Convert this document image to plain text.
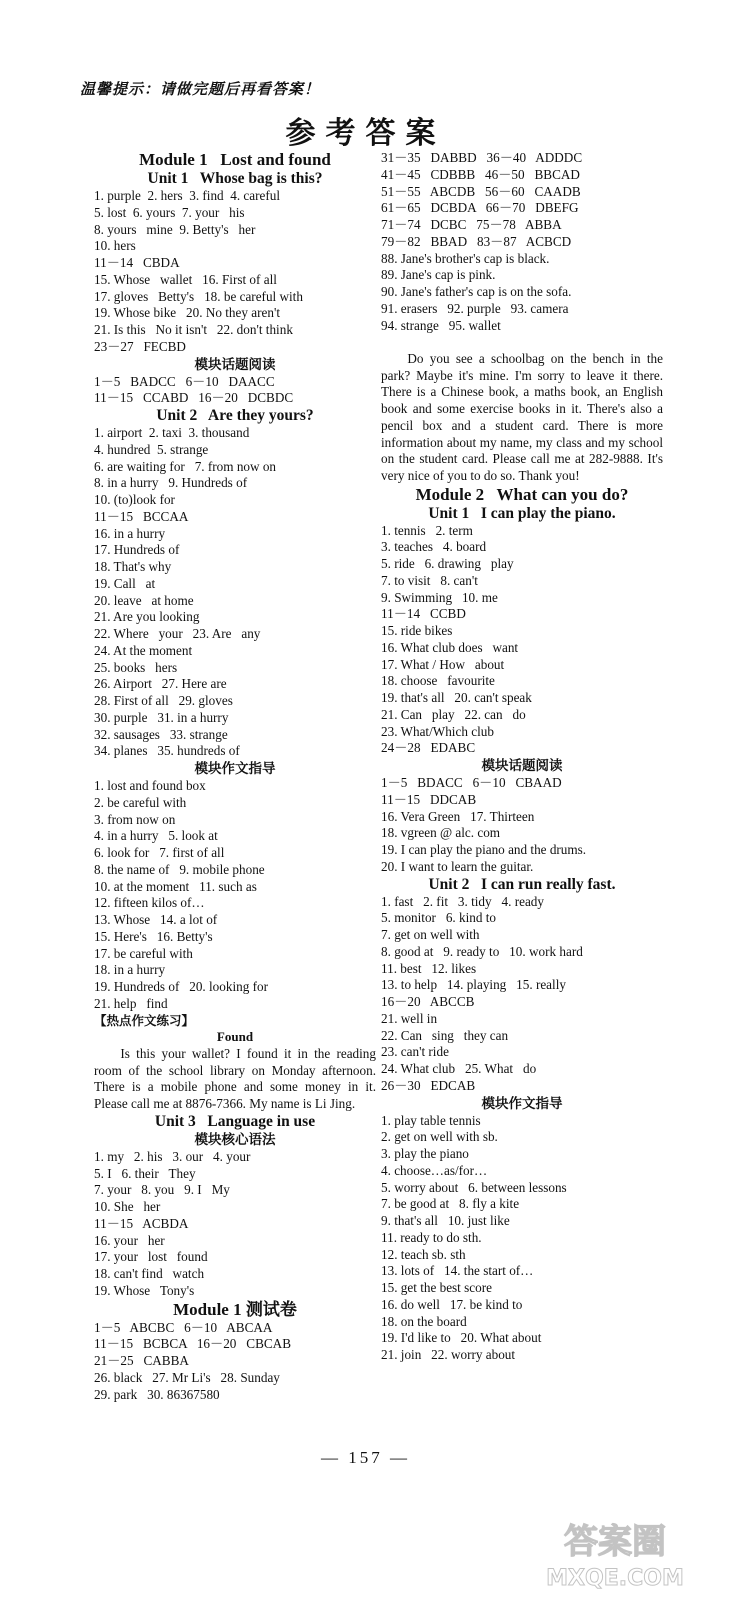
温馨提示：请做完题后再看答案！
参考答案
Module 1   Lost and found
Unit 1   Whose bag is this?
1. purple  2. hers  3. find  4. careful
5. lost  6. yours  7. your   his
8. yours   mine  9. Betty's   her
10. hers
11－14   CBDA
15. Whose   wallet   16. First of all
17. gloves   Betty's   18. be careful with
19. Whose bike   20. No they aren't
21. Is this   No it isn't   22. don't think
23－27   FECBD
模块话题阅读
1－5   BADCC   6－10   DAACC
11－15   CCABD   16－20   DCBDC
Unit 2   Are they yours?
1. airport  2. taxi  3. thousand
4. hundred  5. strange
6. are waiting for   7. from now on
8. in a hurry   9. Hundreds of
10. (to)look for
11－15   BCCAA
16. in a hurry
17. Hundreds of
18. That's why
19. Call   at
20. leave   at home
21. Are you looking
22. Where   your   23. Are   any
24. At the moment
25. books   hers
26. Airport   27. Here are
28. First of all   29. gloves
30. purple   31. in a hurry
32. sausages   33. strange
34. planes   35. hundreds of
模块作文指导
1. lost and found box
2. be careful with
3. from now on
4. in a hurry   5. look at
6. look for   7. first of all
8. the name of   9. mobile phone
10. at the moment   11. such as
12. fifteen kilos of…
13. Whose   14. a lot of
15. Here's   16. Betty's
17. be careful with
18. in a hurry
19. Hundreds of   20. looking for
21. help   find
【热点作文练习】
Found
Is this your wallet? I found it in the reading room of the school library on Monday afternoon. There is a mobile phone and some money in it. Please call me at 8876-7366. My name is Li Jing.
Unit 3   Language in use
模块核心语法
1. my   2. his   3. our   4. your
5. I   6. their   They
7. your   8. you   9. I   My
10. She   her
11－15   ACBDA
16. your   her
17. your   lost   found
18. can't find   watch
19. Whose   Tony's
Module 1 测试卷
1－5   ABCBC   6－10   ABCAA
11－15   BCBCA   16－20   CBCAB
21－25   CABBA
26. black   27. Mr Li's   28. Sunday
29. park   30. 86367580
31－35   DABBD   36－40   ADDDC
41－45   CDBBB   46－50   BBCAD
51－55   ABCDB   56－60   CAADB
61－65   DCBDA   66－70   DBEFG
71－74   DCBC   75－78   ABBA
79－82   BBAD   83－87   ACBCD
88. Jane's brother's cap is black.
89. Jane's cap is pink.
90. Jane's father's cap is on the sofa.
91. erasers   92. purple   93. camera
94. strange   95. wallet

Do you see a schoolbag on the bench in the park? Maybe it's mine. I'm sorry to leave it there. There is a Chinese book, a maths book, an English book and some exercise books in it. There's also a pencil box and a student card. There is more information about my name, my class and my school on the student card. Please call me at 282-9888. It's very nice of you to do so. Thank you!
Module 2   What can you do?
Unit 1   I can play the piano.
1. tennis   2. term
3. teaches   4. board
5. ride   6. drawing   play
7. to visit   8. can't
9. Swimming   10. me
11－14   CCBD
15. ride bikes
16. What club does   want
17. What / How   about
18. choose   favourite
19. that's all   20. can't speak
21. Can   play   22. can   do
23. What/Which club
24－28   EDABC
模块话题阅读
1－5   BDACC   6－10   CBAAD
11－15   DDCAB
16. Vera Green   17. Thirteen
18. vgreen @ alc. com
19. I can play the piano and the drums.
20. I want to learn the guitar.
Unit 2   I can run really fast.
1. fast   2. fit   3. tidy   4. ready
5. monitor   6. kind to
7. get on well with
8. good at   9. ready to   10. work hard
11. best   12. likes
13. to help   14. playing   15. really
16－20   ABCCB
21. well in
22. Can   sing   they can
23. can't ride
24. What club   25. What   do
26－30   EDCAB
模块作文指导
1. play table tennis
2. get on well with sb.
3. play the piano
4. choose…as/for…
5. worry about   6. between lessons
7. be good at   8. fly a kite
9. that's all   10. just like
11. ready to do sth.
12. teach sb. sth
13. lots of   14. the start of…
15. get the best score
16. do well   17. be kind to
18. on the board
19. I'd like to   20. What about
21. join   22. worry about
— 157 —
答案圈
MXQE.COM
